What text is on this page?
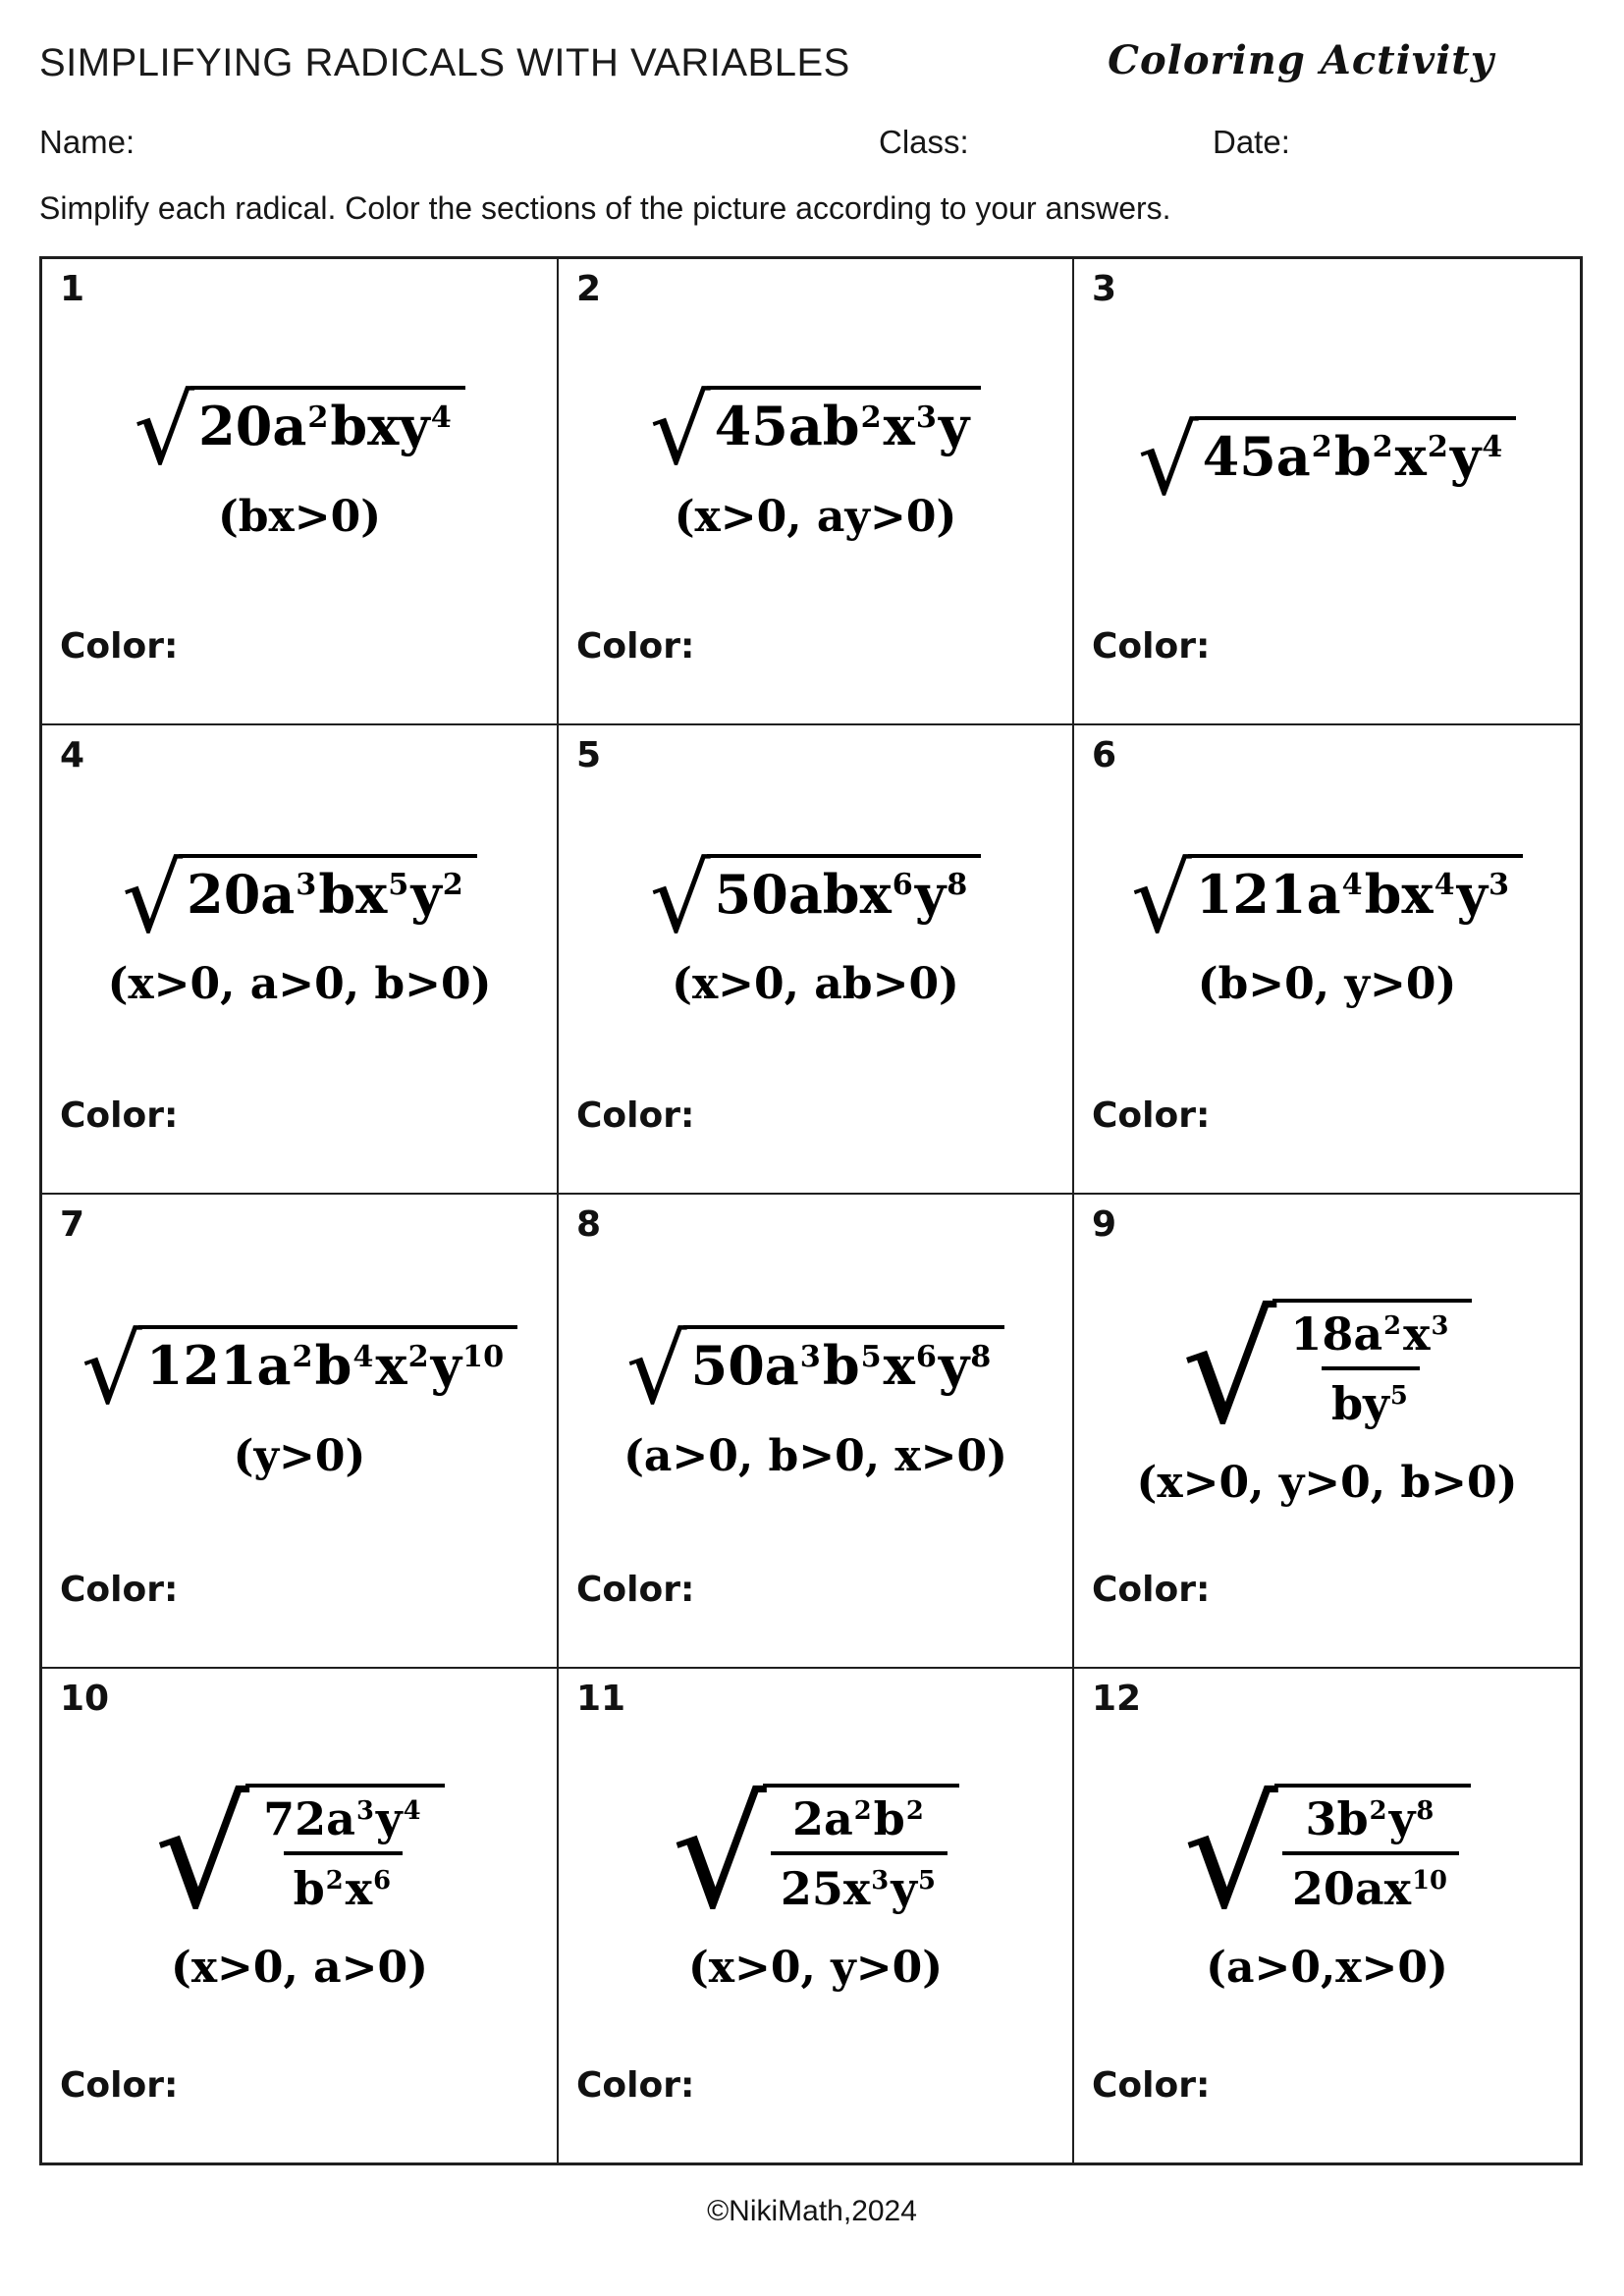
SIMPLIFYING RADICALS WITH VARIABLES	Coloring Activity
Name:	Class:	Date:
Simplify each radical. Color the sections of the picture according to your answers.
1
√ $20a^2bxy^4$
(bx>0)
Color:
2
√ $45ab^2x^3y$
(x>0, ay>0)
Color:
3
√ $45a^2b^2x^2y^4$
Color:
4
√ $20a^3bx^5y^2$
(x>0, a>0, b>0)
Color:
5
√ $50abx^6y^8$
(x>0, ab>0)
Color:
6
√ $121a^4bx^4y^3$
(b>0, y>0)
Color:
7
√ $121a^2b^4x^2y^{10}$
(y>0)
Color:
8
√ $50a^3b^5x^6y^8$
(a>0, b>0, x>0)
Color:
9
√ $\frac{18a^2x^3}{by^5}$
(x>0, y>0, b>0)
Color:
10
√ $\frac{72a^3y^4}{b^2x^6}$
(x>0, a>0)
Color:
11
√ $\frac{2a^2b^2}{25x^3y^5}$
(x>0, y>0)
Color:
12
√ $\frac{3b^2y^8}{20ax^{10}}$
(a>0,x>0)
Color:
©NikiMath,2024
